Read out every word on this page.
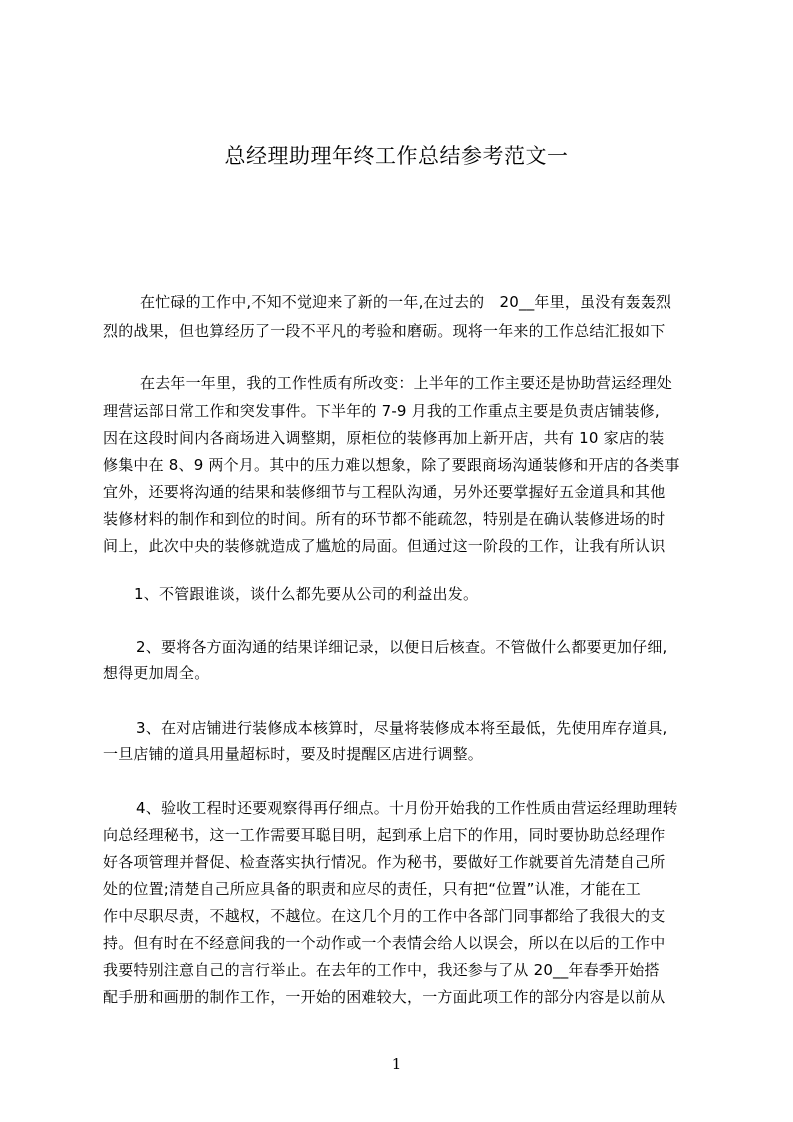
总经理助理年终工作总结参考范文一
在忙碌的工作中,不知不觉迎来了新的一年,在过去的　20__年里，虽没有轰轰烈
烈的战果，但也算经历了一段不平凡的考验和磨砺。现将一年来的工作总结汇报如下
在去年一年里，我的工作性质有所改变：上半年的工作主要还是协助营运经理处
理营运部日常工作和突发事件。下半年的 7-9 月我的工作重点主要是负责店铺装修,
因在这段时间内各商场进入调整期，原柜位的装修再加上新开店，共有 10 家店的装
修集中在 8、9 两个月。其中的压力难以想象，除了要跟商场沟通装修和开店的各类事
宜外，还要将沟通的结果和装修细节与工程队沟通，另外还要掌握好五金道具和其他
装修材料的制作和到位的时间。所有的环节都不能疏忽，特别是在确认装修进场的时
间上，此次中央的装修就造成了尴尬的局面。但通过这一阶段的工作，让我有所认识
1、不管跟谁谈，谈什么都先要从公司的利益出发。
2、要将各方面沟通的结果详细记录，以便日后核查。不管做什么都要更加仔细,
想得更加周全。
3、在对店铺进行装修成本核算时，尽量将装修成本将至最低，先使用库存道具,
一旦店铺的道具用量超标时，要及时提醒区店进行调整。
4、验收工程时还要观察得再仔细点。十月份开始我的工作性质由营运经理助理转
向总经理秘书，这一工作需要耳聪目明，起到承上启下的作用，同时要协助总经理作
好各项管理并督促、检查落实执行情况。作为秘书，要做好工作就要首先清楚自己所
处的位置;清楚自己所应具备的职责和应尽的责任，只有把“位置”认准，才能在工
作中尽职尽责，不越权，不越位。在这几个月的工作中各部门同事都给了我很大的支
持。但有时在不经意间我的一个动作或一个表情会给人以误会，所以在以后的工作中
我要特别注意自己的言行举止。在去年的工作中，我还参与了从 20__年春季开始搭
配手册和画册的制作工作，一开始的困难较大，一方面此项工作的部分内容是以前从
1
